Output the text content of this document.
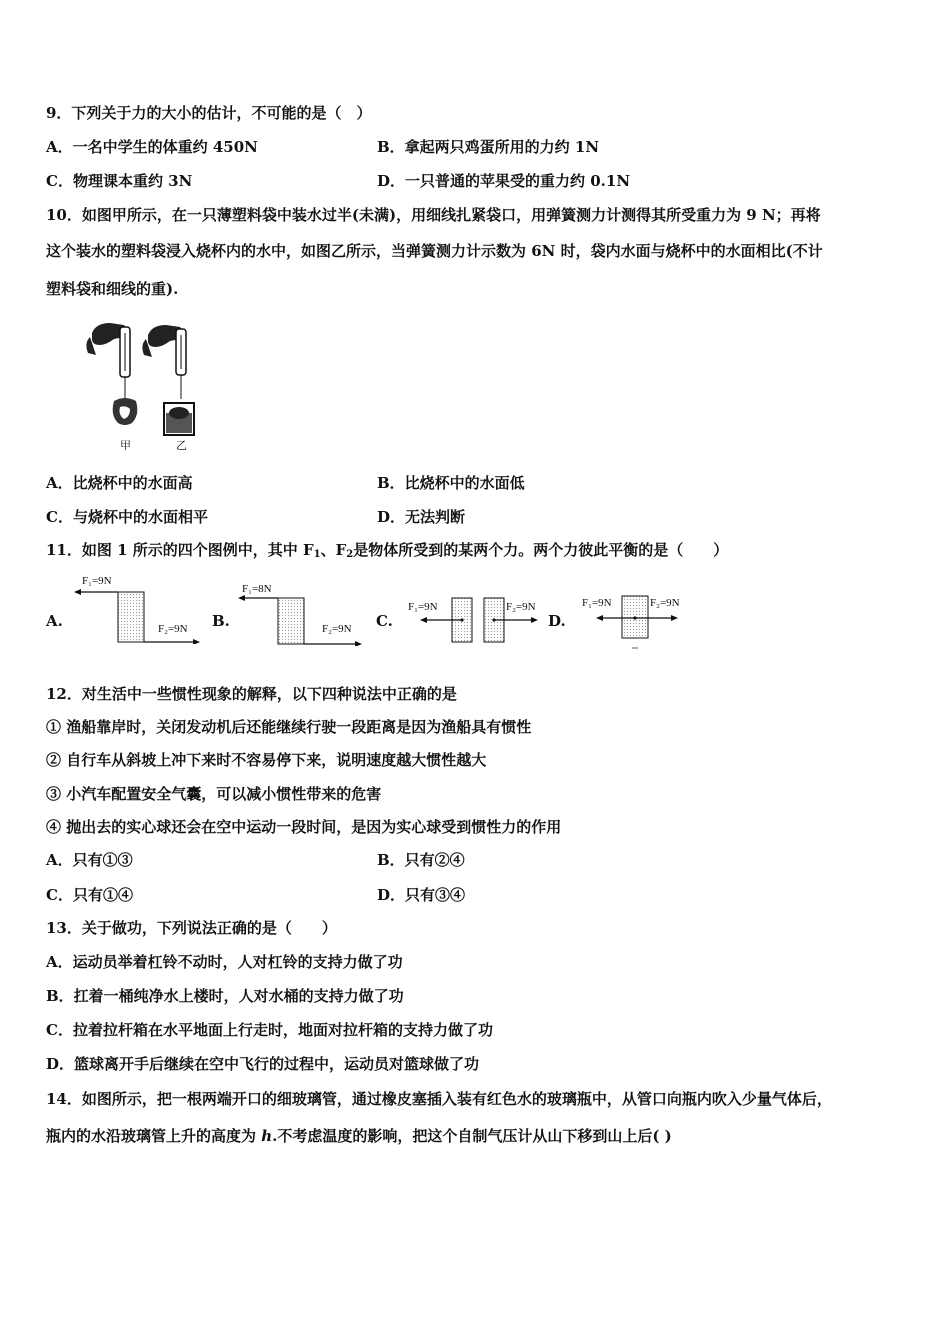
9．下列关于力的大小的估计，不可能的是（　）
A．一名中学生的体重约 450N	B．拿起两只鸡蛋所用的力约 1N
C．物理课本重约 3N	D．一只普通的苹果受的重力约 0.1N
10．如图甲所示，在一只薄塑料袋中装水过半(未满)，用细线扎紧袋口，用弹簧测力计测得其所受重力为 9 N；再将
这个装水的塑料袋浸入烧杯内的水中，如图乙所示，当弹簧测力计示数为 6N 时，袋内水面与烧杯中的水面相比(不计
塑料袋和细线的重).
甲	乙
A．比烧杯中的水面高	B．比烧杯中的水面低
C．与烧杯中的水面相平	D．无法判断
11．如图 1 所示的四个图例中，其中 $F_1$、$F_2$是物体所受到的某两个力。两个力彼此平衡的是（　　）
A.
F₁=9N
F₂=9N B.
F₁=8N
F₂=9N C.
F₁=9N	F₂=9N
D.
F₁=9N	F₂=9N
12．对生活中一些惯性现象的解释，以下四种说法中正确的是
① 渔船靠岸时，关闭发动机后还能继续行驶一段距离是因为渔船具有惯性
② 自行车从斜坡上冲下来时不容易停下来，说明速度越大惯性越大
③ 小汽车配置安全气囊，可以减小惯性带来的危害
④ 抛出去的实心球还会在空中运动一段时间，是因为实心球受到惯性力的作用
A．只有①③	B．只有②④
C．只有①④	D．只有③④
13．关于做功，下列说法正确的是（　　）
A．运动员举着杠铃不动时，人对杠铃的支持力做了功
B．扛着一桶纯净水上楼时，人对水桶的支持力做了功
C．拉着拉杆箱在水平地面上行走时，地面对拉杆箱的支持力做了功
D．篮球离开手后继续在空中飞行的过程中，运动员对篮球做了功
14．如图所示，把一根两端开口的细玻璃管，通过橡皮塞插入装有红色水的玻璃瓶中，从管口向瓶内吹入少量气体后，
瓶内的水沿玻璃管上升的高度为 h.不考虑温度的影响，把这个自制气压计从山下移到山上后( )
